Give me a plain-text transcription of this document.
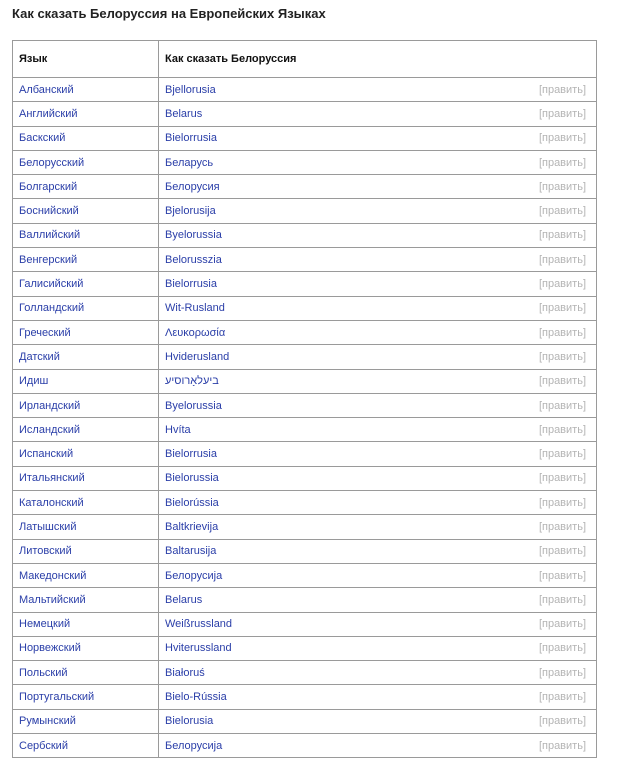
Как сказать Белоруссия на Европейских Языках
Язык	Как сказать Белоруссия
Албанский	Bjellorusia [править]

Английский	Belarus [править]

Баскский	Bielorrusia [править]

Белорусский	Беларусь [править]

Болгарский	Белорусия [править]

Боснийский	Bjelorusija [править]

Валлийский	Byelorussia [править]

Венгерский	Belorusszia [править]

Галисийский	Bielorrusia [править]

Голландский	Wit-Rusland [править]

Греческий	Λευκορωσία [править]

Датский	Hviderusland [править]

Идиш	ביעלאָרוסיע [править]

Ирландский	Byelorussia [править]

Исландский	Hvíta [править]

Испанский	Bielorrusia [править]

Итальянский	Bielorussia [править]

Каталонский	Bielorússia [править]

Латышский	Baltkrievija [править]

Литовский	Baltarusija [править]

Македонский	Белорусија [править]

Мальтийский	Belarus [править]

Немецкий	Weißrussland [править]

Норвежский	Hviterussland [править]

Польский	Białoruś [править]

Португальский	Bielo-Rússia [править]

Румынский	Bielorusia [править]

Сербский	Белорусија [править]
